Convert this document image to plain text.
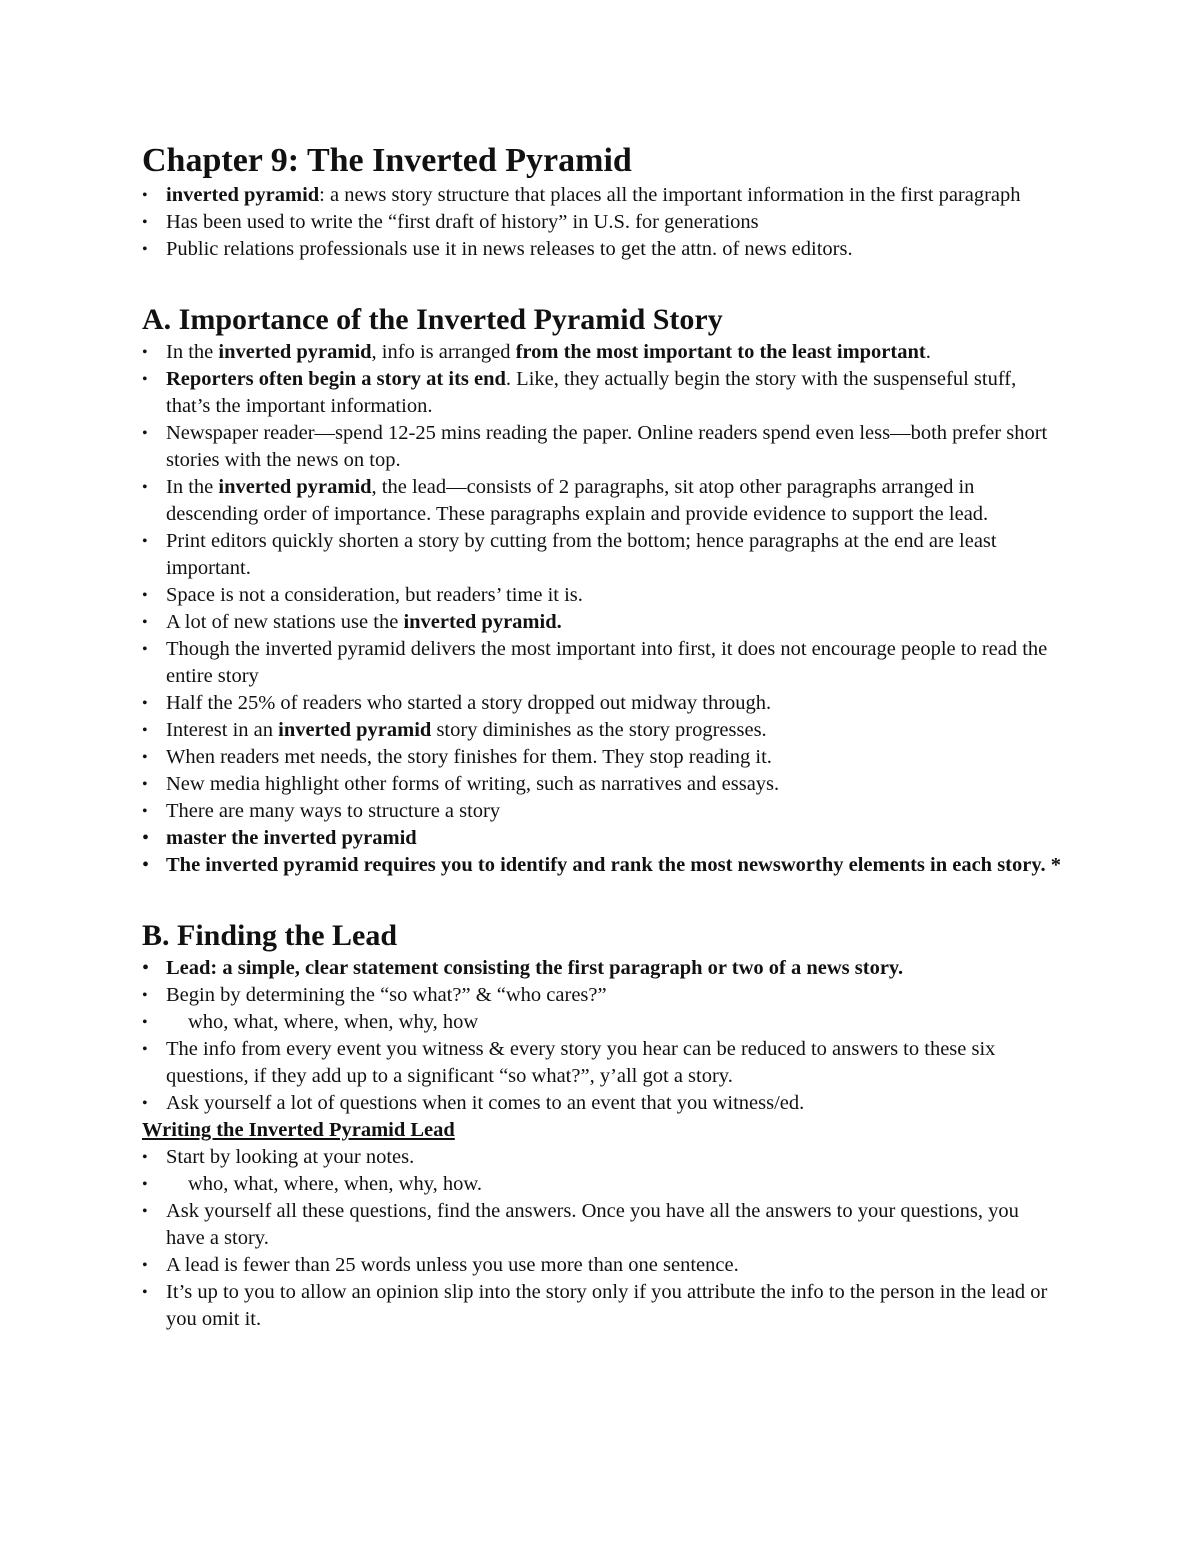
Chapter 9: The Inverted Pyramid
• inverted pyramid: a news story structure that places all the important information in the first paragraph
• Has been used to write the “first draft of history” in U.S. for generations
• Public relations professionals use it in news releases to get the attn. of news editors.
A. Importance of the Inverted Pyramid Story
• In the inverted pyramid, info is arranged from the most important to the least important.
• Reporters often begin a story at its end. Like, they actually begin the story with the suspenseful stuff, that’s the important information.
• Newspaper reader—spend 12-25 mins reading the paper. Online readers spend even less—both prefer short stories with the news on top.
• In the inverted pyramid, the lead—consists of 2 paragraphs, sit atop other paragraphs arranged in descending order of importance. These paragraphs explain and provide evidence to support the lead.
• Print editors quickly shorten a story by cutting from the bottom; hence paragraphs at the end are least important.
• Space is not a consideration, but readers’ time it is.
• A lot of new stations use the inverted pyramid.
• Though the inverted pyramid delivers the most important into first, it does not encourage people to read the entire story
• Half the 25% of readers who started a story dropped out midway through.
• Interest in an inverted pyramid story diminishes as the story progresses.
• When readers met needs, the story finishes for them. They stop reading it.
• New media highlight other forms of writing, such as narratives and essays.
• There are many ways to structure a story
• master the inverted pyramid
• The inverted pyramid requires you to identify and rank the most newsworthy elements in each story. *
B. Finding the Lead
• Lead: a simple, clear statement consisting the first paragraph or two of a news story.
• Begin by determining the “so what?” & “who cares?”
•	who, what, where, when, why, how
• The info from every event you witness & every story you hear can be reduced to answers to these six questions, if they add up to a significant “so what?”, y’all got a story.
• Ask yourself a lot of questions when it comes to an event that you witness/ed.
Writing the Inverted Pyramid Lead
• Start by looking at your notes.
•	who, what, where, when, why, how.
• Ask yourself all these questions, find the answers. Once you have all the answers to your questions, you have a story.
• A lead is fewer than 25 words unless you use more than one sentence.
• It’s up to you to allow an opinion slip into the story only if you attribute the info to the person in the lead or you omit it.
